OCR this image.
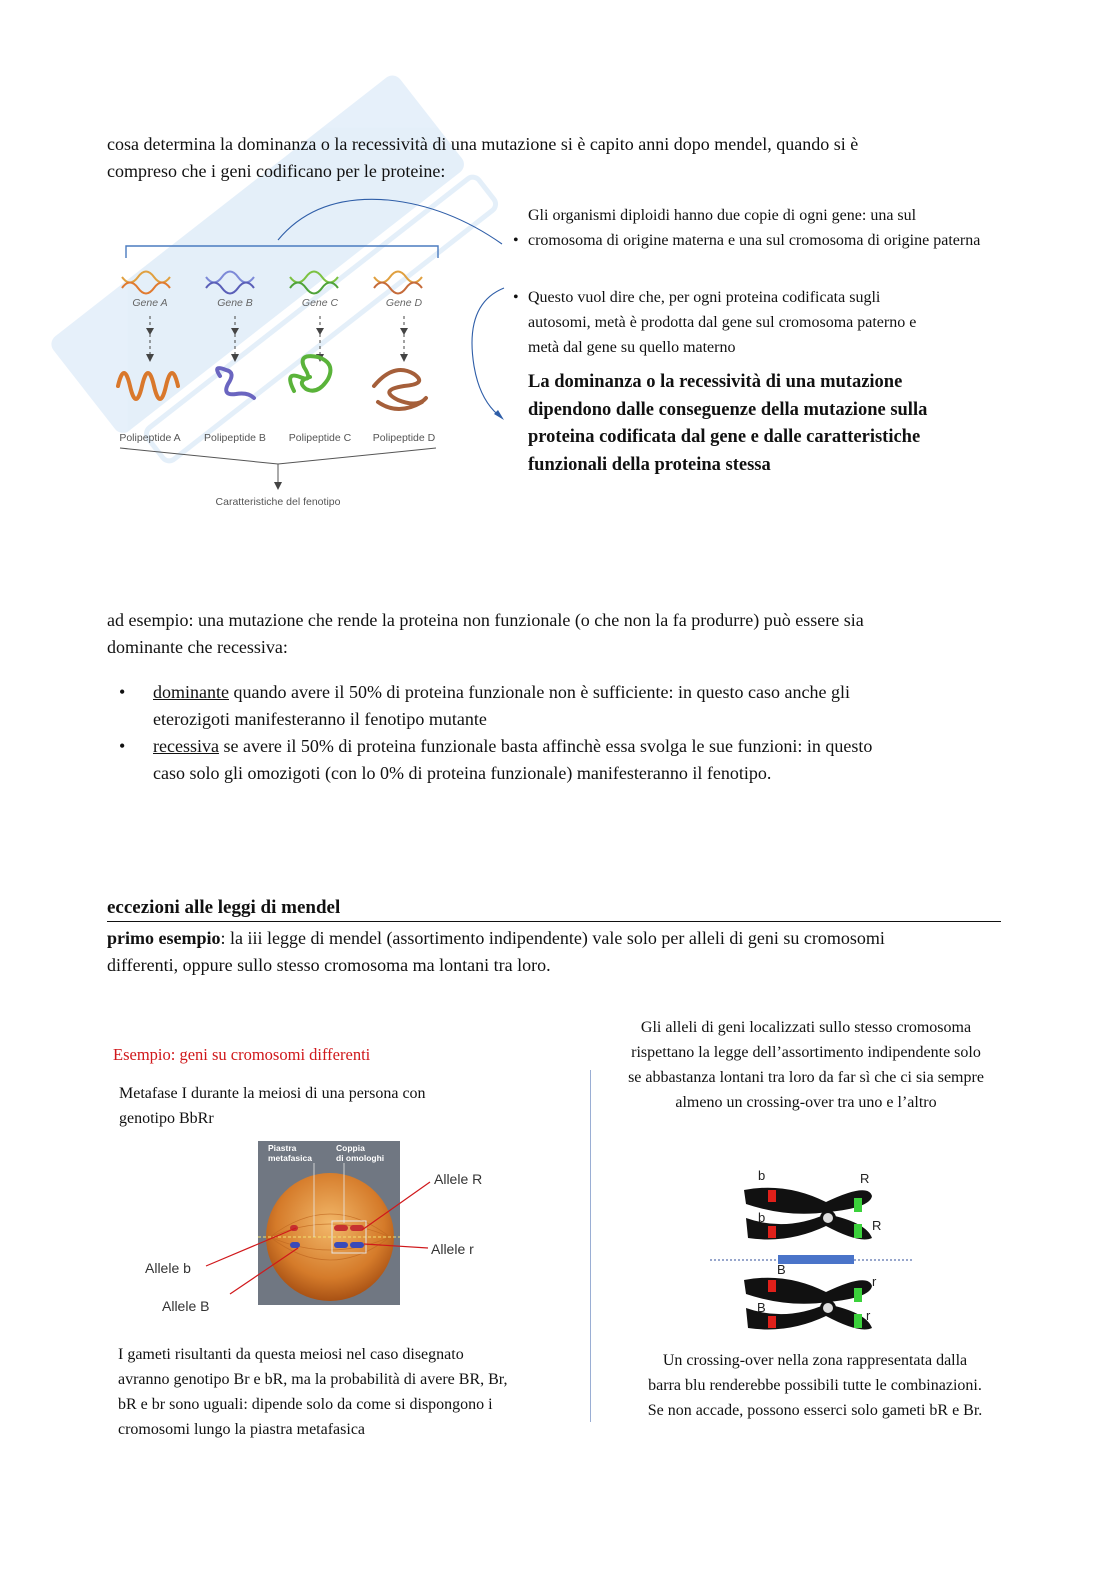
cosa determina la dominanza o la recessività di una mutazione si è capito anni dopo mendel, quando si è

compreso che i geni codificano per le proteine:

Gene A	Gene B	Gene C	Gene D
Polipeptide A Polipeptide B Polipeptide C Polipeptide D
Caratteristiche del fenotipo

Gli organismi diploidi hanno due copie di ogni gene: una sul

• cromosoma di origine materna e una sul cromosoma di origine paterna

• Questo vuol dire che, per ogni proteina codificata sugli

autosomi, metà è prodotta dal gene sul cromosoma paterno e

metà dal gene su quello materno

La dominanza o la recessività di una mutazione

dipendono dalle conseguenze della mutazione sulla

proteina codificata dal gene e dalle caratteristiche

funzionali della proteina stessa

ad esempio: una mutazione che rende la proteina non funzionale (o che non la fa produrre) può essere sia

dominante che recessiva:

• dominante quando avere il 50% di proteina funzionale non è sufficiente: in questo caso anche gli
eterozigoti manifesteranno il fenotipo mutante
• recessiva se avere il 50% di proteina funzionale basta affinchè essa svolga le sue funzioni: in questo
caso solo gli omozigoti (con lo 0% di proteina funzionale) manifesteranno il fenotipo.
eccezioni alle leggi di mendel

primo esempio: la iii legge di mendel (assortimento indipendente) vale solo per alleli di geni su cromosomi

differenti, oppure sullo stesso cromosoma ma lontani tra loro.

Esempio: geni su cromosomi differenti

Metafase I durante la meiosi di una persona con

genotipo BbRr

Piastra
metafasica
Coppia
di omologhi
Allele R
Allele r
Allele b
Allele B

I gameti risultanti da questa meiosi nel caso disegnato

avranno genotipo Br e bR, ma la probabilità di avere BR, Br,

bR e br sono uguali: dipende solo da come si dispongono i

cromosomi lungo la piastra metafasica

Gli alleli di geni localizzati sullo stesso cromosoma

rispettano la legge dell’assortimento indipendente solo

se abbastanza lontani tra loro da far sì che ci sia sempre

almeno un crossing-over tra uno e l’altro

b
b
R
R
B
B
r
r

Un crossing-over nella zona rappresentata dalla

barra blu renderebbe possibili tutte le combinazioni.

Se non accade, possono esserci solo gameti bR e Br.
